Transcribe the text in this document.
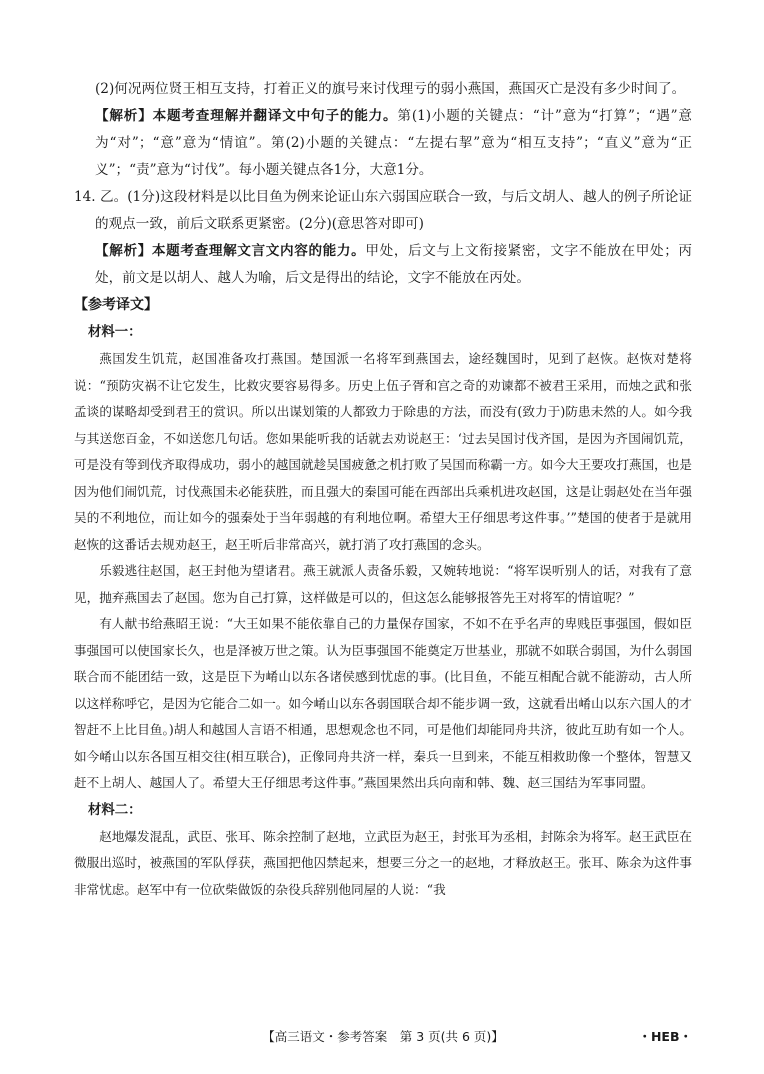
(2)何况两位贤王相互支持，打着正义的旗号来讨伐理亏的弱小燕国，燕国灭亡是没有多少时间了。

【解析】本题考查理解并翻译文中句子的能力。第(1)小题的关键点：“计”意为“打算”；“遇”意为“对”；“意”意为“情谊”。第(2)小题的关键点：“左提右挈”意为“相互支持”；“直义”意为“正义”；“责”意为“讨伐”。每小题关键点各1分，大意1分。

14. 乙。(1分)这段材料是以比目鱼为例来论证山东六弱国应联合一致，与后文胡人、越人的例子所论证的观点一致，前后文联系更紧密。(2分)(意思答对即可)

【解析】本题考查理解文言文内容的能力。甲处，后文与上文衔接紧密，文字不能放在甲处；丙处，前文是以胡人、越人为喻，后文是得出的结论，文字不能放在丙处。

【参考译文】

材料一：

燕国发生饥荒，赵国准备攻打燕国。楚国派一名将军到燕国去，途经魏国时，见到了赵恢。赵恢对楚将说：“预防灾祸不让它发生，比救灾要容易得多。历史上伍子胥和宫之奇的劝谏都不被君王采用，而烛之武和张孟谈的谋略却受到君王的赏识。所以出谋划策的人都致力于除患的方法，而没有(致力于)防患未然的人。如今我与其送您百金，不如送您几句话。您如果能听我的话就去劝说赵王：‘过去吴国讨伐齐国，是因为齐国闹饥荒，可是没有等到伐齐取得成功，弱小的越国就趁吴国疲惫之机打败了吴国而称霸一方。如今大王要攻打燕国，也是因为他们闹饥荒，讨伐燕国未必能获胜，而且强大的秦国可能在西部出兵乘机进攻赵国，这是让弱赵处在当年强吴的不利地位，而让如今的强秦处于当年弱越的有利地位啊。希望大王仔细思考这件事。’”楚国的使者于是就用赵恢的这番话去规劝赵王，赵王听后非常高兴，就打消了攻打燕国的念头。

乐毅逃往赵国，赵王封他为望诸君。燕王就派人责备乐毅，又婉转地说：“将军误听别人的话，对我有了意见，抛弃燕国去了赵国。您为自己打算，这样做是可以的，但这怎么能够报答先王对将军的情谊呢？”

有人献书给燕昭王说：“大王如果不能依靠自己的力量保存国家，不如不在乎名声的卑贱臣事强国，假如臣事强国可以使国家长久，也是泽被万世之策。认为臣事强国不能奠定万世基业，那就不如联合弱国，为什么弱国联合而不能团结一致，这是臣下为崤山以东各诸侯感到忧虑的事。(比目鱼，不能互相配合就不能游动，古人所以这样称呼它，是因为它能合二如一。如今崤山以东各弱国联合却不能步调一致，这就看出崤山以东六国人的才智赶不上比目鱼。)胡人和越国人言语不相通，思想观念也不同，可是他们却能同舟共济，彼此互助有如一个人。如今崤山以东各国互相交往(相互联合)，正像同舟共济一样，秦兵一旦到来，不能互相救助像一个整体，智慧又赶不上胡人、越国人了。希望大王仔细思考这件事。”燕国果然出兵向南和韩、魏、赵三国结为军事同盟。

材料二：

赵地爆发混乱，武臣、张耳、陈余控制了赵地，立武臣为赵王，封张耳为丞相，封陈余为将军。赵王武臣在微服出巡时，被燕国的军队俘获，燕国把他囚禁起来，想要三分之一的赵地，才释放赵王。张耳、陈余为这件事非常忧虑。赵军中有一位砍柴做饭的杂役兵辞别他同屋的人说：“我

【高三语文・参考答案　第 3 页(共 6 页)】	・HEB・
